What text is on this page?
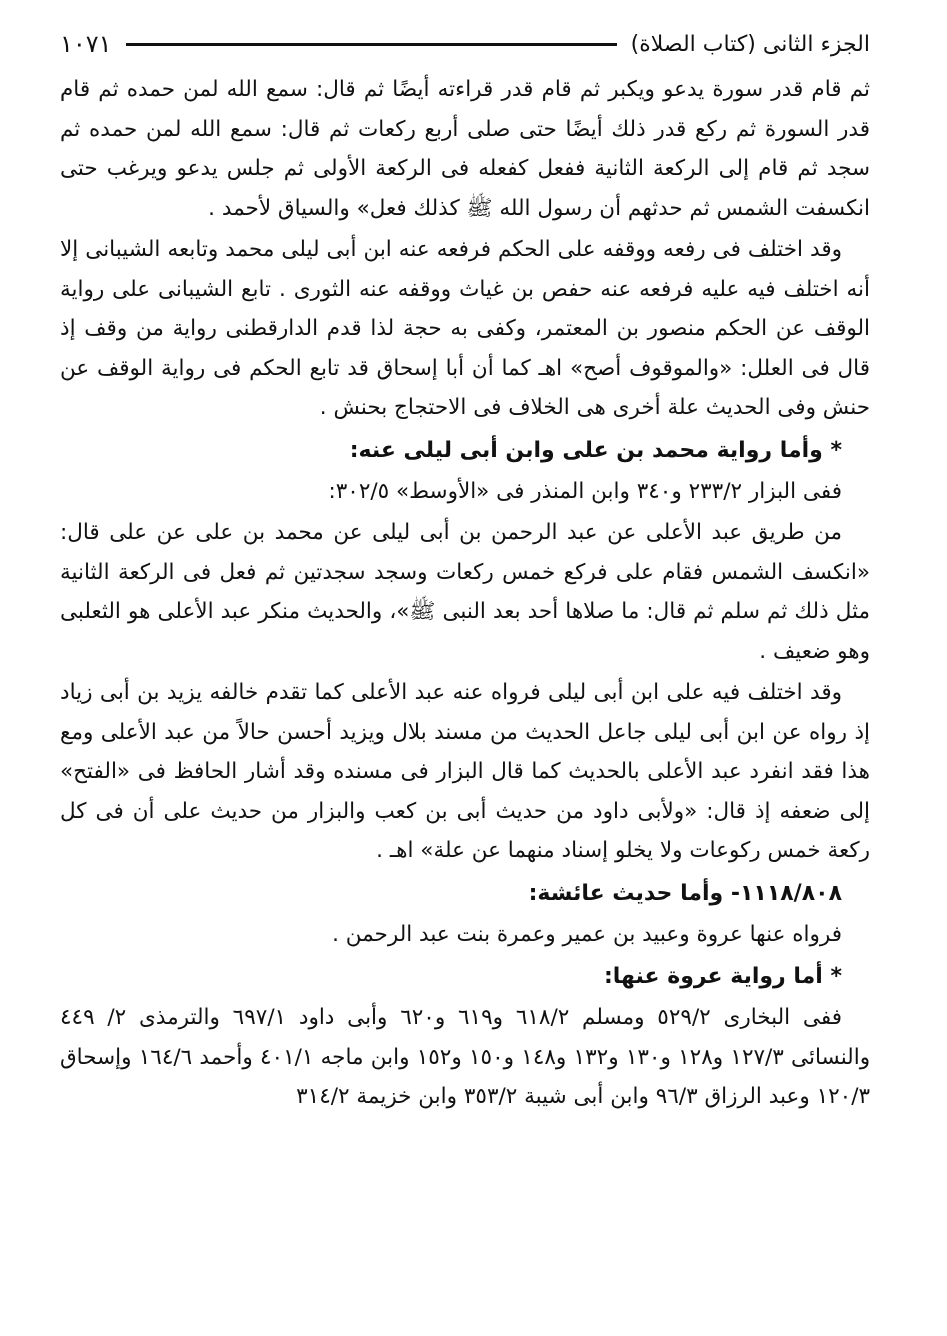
الجزء الثانى (كتاب الصلاة)
١٠٧١

ثم قام قدر سورة يدعو ويكبر ثم قام قدر قراءته أيضًا ثم قال: سمع الله لمن حمده ثم قام قدر السورة ثم ركع قدر ذلك أيضًا حتى صلى أربع ركعات ثم قال: سمع الله لمن حمده ثم سجد ثم قام إلى الركعة الثانية ففعل كفعله فى الركعة الأولى ثم جلس يدعو ويرغب حتى انكسفت الشمس ثم حدثهم أن رسول الله ﷺ كذلك فعل» والسياق لأحمد .

وقد اختلف فى رفعه ووقفه على الحكم فرفعه عنه ابن أبى ليلى محمد وتابعه الشيبانى إلا أنه اختلف فيه عليه فرفعه عنه حفص بن غياث ووقفه عنه الثورى . تابع الشيبانى على رواية الوقف عن الحكم منصور بن المعتمر، وكفى به حجة لذا قدم الدارقطنى رواية من وقف إذ قال فى العلل: «والموقوف أصح» اهـ كما أن أبا إسحاق قد تابع الحكم فى رواية الوقف عن حنش وفى الحديث علة أخرى هى الخلاف فى الاحتجاج بحنش .

* وأما رواية محمد بن على وابن أبى ليلى عنه:

ففى البزار ٢٣٣/٢ و٣٤٠ وابن المنذر فى «الأوسط» ٣٠٢/٥:

من طريق عبد الأعلى عن عبد الرحمن بن أبى ليلى عن محمد بن على عن على قال: «انكسف الشمس فقام على فركع خمس ركعات وسجد سجدتين ثم فعل فى الركعة الثانية مثل ذلك ثم سلم ثم قال: ما صلاها أحد بعد النبى ﷺ»، والحديث منكر عبد الأعلى هو الثعلبى وهو ضعيف .

وقد اختلف فيه على ابن أبى ليلى فرواه عنه عبد الأعلى كما تقدم خالفه يزيد بن أبى زياد إذ رواه عن ابن أبى ليلى جاعل الحديث من مسند بلال ويزيد أحسن حالاً من عبد الأعلى ومع هذا فقد انفرد عبد الأعلى بالحديث كما قال البزار فى مسنده وقد أشار الحافظ فى «الفتح» إلى ضعفه إذ قال: «ولأبى داود من حديث أبى بن كعب والبزار من حديث على أن فى كل ركعة خمس ركوعات ولا يخلو إسناد منهما عن علة» اهـ .

١١١٨/٨٠٨- وأما حديث عائشة:

فرواه عنها عروة وعبيد بن عمير وعمرة بنت عبد الرحمن .

* أما رواية عروة عنها:

ففى البخارى ٥٢٩/٢ ومسلم ٦١٨/٢ و٦١٩ و٦٢٠ وأبى داود ٦٩٧/١ والترمذى ٢/ ٤٤٩ والنسائى ١٢٧/٣ و١٢٨ و١٣٠ و١٣٢ و١٤٨ و١٥٠ و١٥٢ وابن ماجه ٤٠١/١ وأحمد ١٦٤/٦ وإسحاق ١٢٠/٣ وعبد الرزاق ٩٦/٣ وابن أبى شيبة ٣٥٣/٢ وابن خزيمة ٣١٤/٢
